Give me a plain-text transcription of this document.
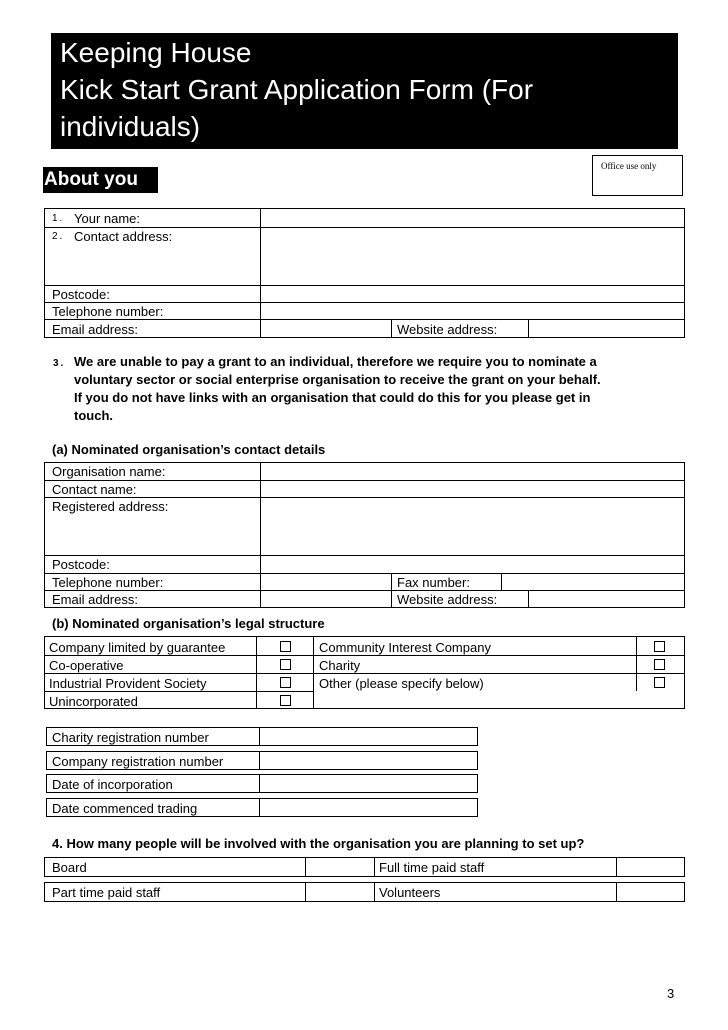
Keeping House
Kick Start Grant Application Form (For
individuals)
About you
Office use only
1. Your name:
2. Contact address:
Postcode:
Telephone number:
Email address:	Website address:
3. We are unable to pay a grant to an individual, therefore we require you to nominate a
voluntary sector or social enterprise organisation to receive the grant on your behalf.
If you do not have links with an organisation that could do this for you please get in
touch.
(a) Nominated organisation’s contact details
Organisation name:
Contact name:
Registered address:
Postcode:
Telephone number:	Fax number:
Email address:	Website address:
(b) Nominated organisation’s legal structure
Company limited by guarantee	Community Interest Company
Co-operative	Charity
Industrial Provident Society	Other (please specify below)
Unincorporated
Charity registration number
Company registration number
Date of incorporation
Date commenced trading
4. How many people will be involved with the organisation you are planning to set up?
Board	Full time paid staff
Part time paid staff	Volunteers
3
